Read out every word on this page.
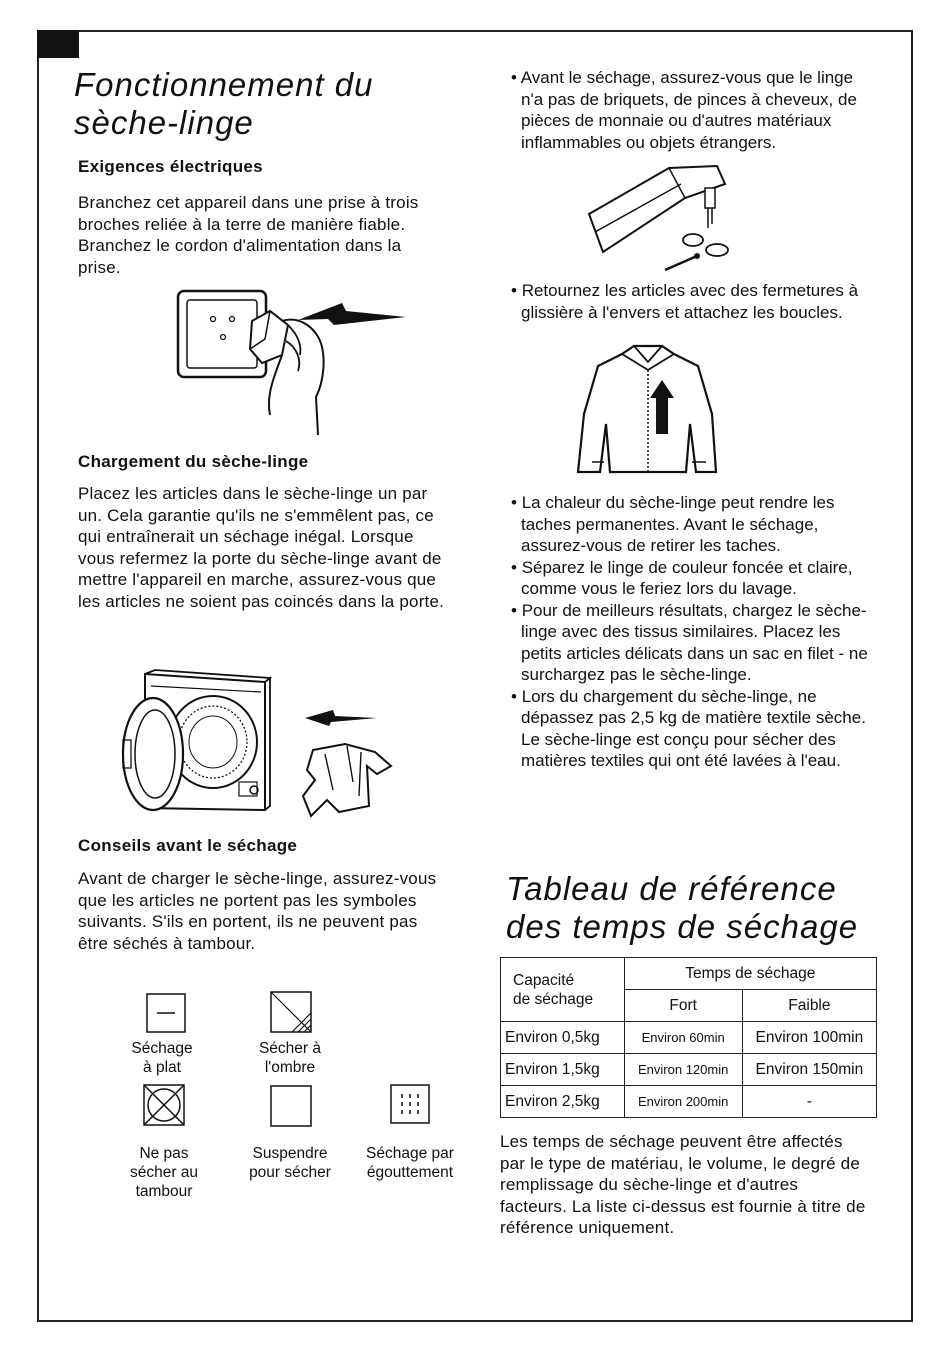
Fonctionnement du
sèche-linge
Exigences électriques

Branchez cet appareil dans une prise à trois broches reliée à la terre de manière fiable. Branchez le cordon d'alimentation dans la prise.

Chargement du sèche-linge

Placez les articles dans le sèche-linge un par un. Cela garantie qu'ils ne s'emmêlent pas, ce qui entraînerait un séchage inégal. Lorsque vous refermez la porte du sèche-linge avant de mettre l'appareil en marche, assurez-vous que les articles ne soient pas coincés dans la porte.

Conseils avant le séchage

Avant de charger le sèche-linge, assurez-vous que les articles ne portent pas les symboles suivants. S'ils en portent, ils ne peuvent pas être séchés à tambour.

Séchage
à plat
Sécher à
l'ombre
Ne pas
sécher au
tambour
Suspendre
pour sécher
Séchage par
égouttement
• Avant le séchage, assurez-vous que le linge n'a pas de briquets, de pinces à cheveux, de pièces de monnaie ou d'autres matériaux inflammables ou objets étrangers.
• Retournez les articles avec des fermetures à glissière à l'envers et attachez les boucles.
• La chaleur du sèche-linge peut rendre les taches permanentes. Avant le séchage, assurez-vous de retirer les taches.
• Séparez le linge de couleur foncée et claire, comme vous le feriez lors du lavage.
• Pour de meilleurs résultats, chargez le sèche-linge avec des tissus similaires. Placez les petits articles délicats dans un sac en filet - ne surchargez pas le sèche-linge.
• Lors du chargement du sèche-linge, ne dépassez pas 2,5 kg de matière textile sèche. Le sèche-linge est conçu pour sécher des matières textiles qui ont été lavées à l'eau.
Tableau de référence
des temps de séchage
Capacité
de séchage	Temps de séchage	
	Fort	Faible
Environ 0,5kg	Environ 60min	Environ 100min
Environ 1,5kg	Environ 120min	Environ 150min
Environ 2,5kg	Environ 200min	-

Les temps de séchage peuvent être affectés par le type de matériau, le volume, le degré de remplissage du sèche-linge et d'autres facteurs. La liste ci-dessus est fournie à titre de référence uniquement.
